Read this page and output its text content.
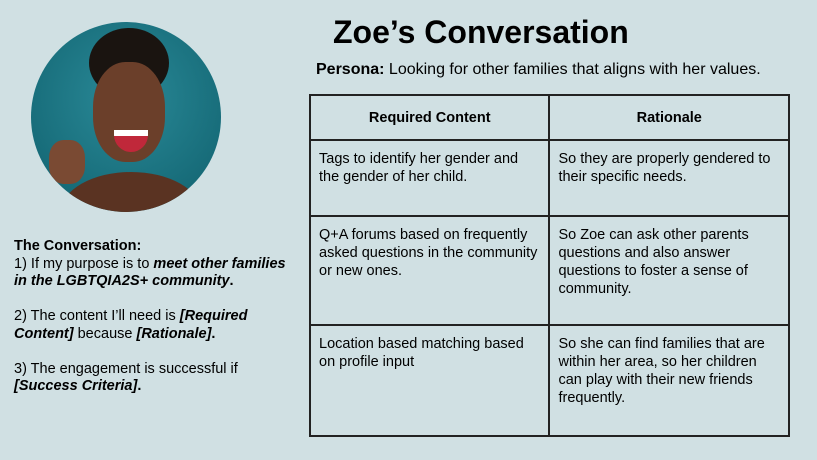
Zoe’s Conversation
Persona: Looking for other families that aligns with her values.
The Conversation:

1) If my purpose is to meet other families in the LGBTQIA2S+ community.

2) The content I’ll need is [Required Content] because [Rationale].

3) The engagement is successful if [Success Criteria].

Required Content	Rationale
Tags to identify her gender and the gender of her child.	So they are properly gendered to their specific needs.
Q+A forums based on frequently asked questions in the community or new ones.	So Zoe can ask other parents questions and also answer questions to foster a sense of community.
Location based matching based on profile input	So she can find families that are within her area, so her children can play with their new friends frequently.
